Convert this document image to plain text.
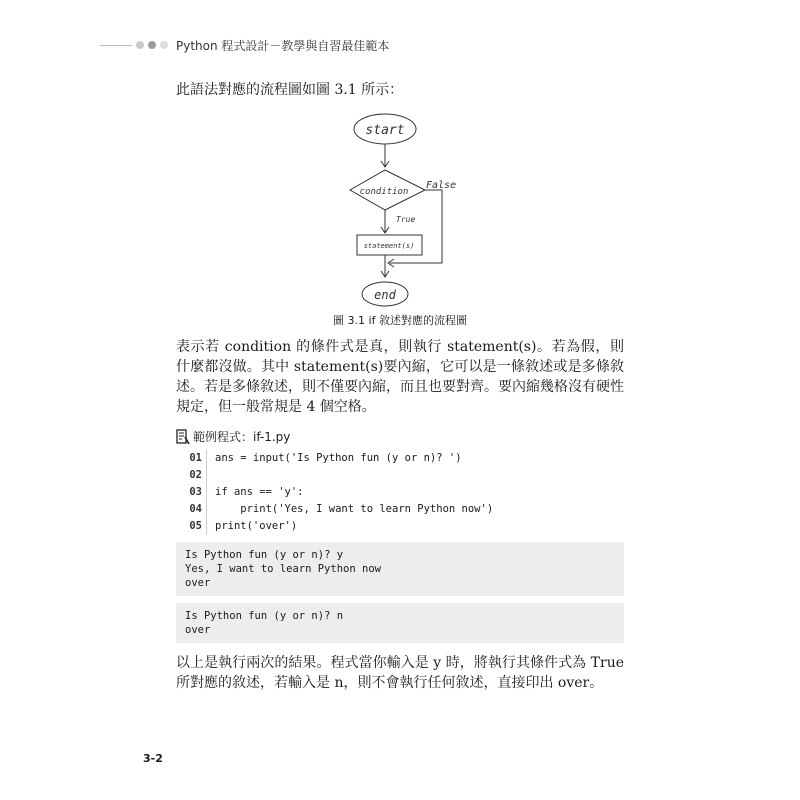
Python 程式設計－教學與自習最佳範本
此語法對應的流程圖如圖 3.1 所示：
start
condition
False
True
statement(s)
end
圖 3.1 if 敘述對應的流程圖
表示若 condition 的條件式是真，則執行 statement(s)。若為假，則什麼都沒做。其中 statement(s)要內縮，它可以是一條敘述或是多條敘述。若是多條敘述，則不僅要內縮，而且也要對齊。要內縮幾格沒有硬性規定，但一般常規是 4 個空格。
範例程式：if-1.py
01	ans = input('Is Python fun (y or n)? ')
02
03	if ans == 'y':
04	print('Yes, I want to learn Python now')
05	print('over')
Is Python fun (y or n)? y
Yes, I want to learn Python now
over
Is Python fun (y or n)? n
over
以上是執行兩次的結果。程式當你輸入是 y 時，將執行其條件式為 True 所對應的敘述，若輸入是 n，則不會執行任何敘述，直接印出 over。
3-2
